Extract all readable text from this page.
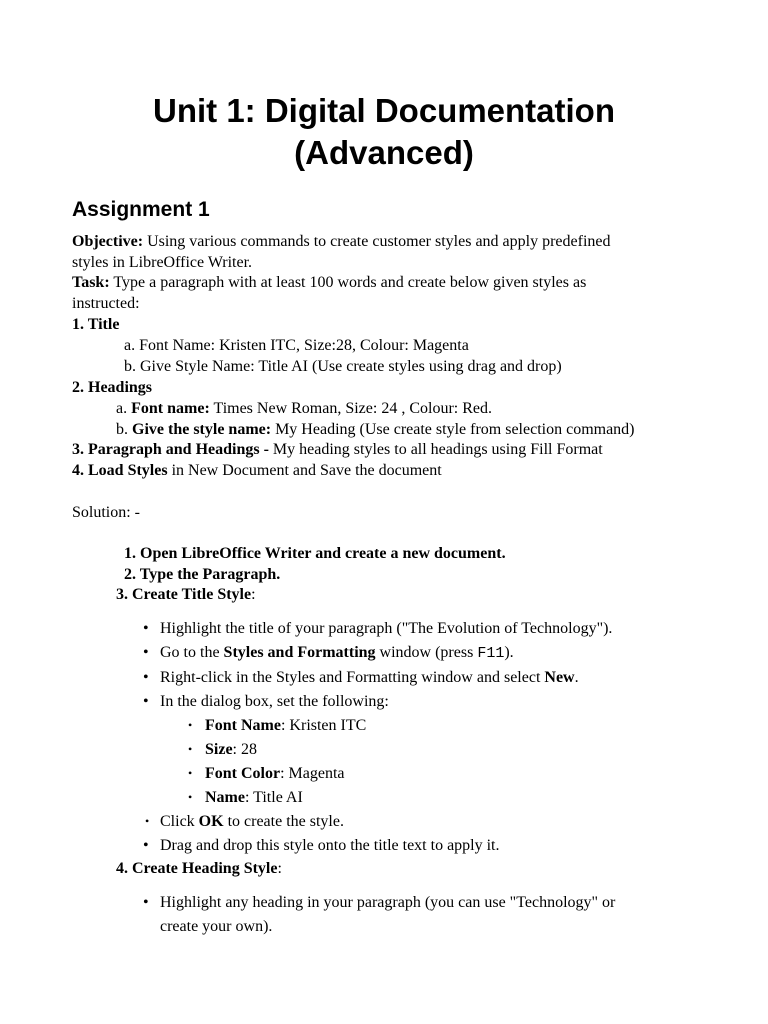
Unit 1: Digital Documentation
(Advanced)
Assignment 1
Objective: Using various commands to create customer styles and apply predefined
styles in LibreOffice Writer.
Task: Type a paragraph with at least 100 words and create below given styles as
instructed:
1. Title
a. Font Name: Kristen ITC, Size:28, Colour: Magenta
b. Give Style Name: Title AI (Use create styles using drag and drop)
2. Headings
a. Font name: Times New Roman, Size: 24 , Colour: Red.
b. Give the style name: My Heading (Use create style from selection command)
3. Paragraph and Headings - My heading styles to all headings using Fill Format
4. Load Styles in New Document and Save the document
Solution: -
1. Open LibreOffice Writer and create a new document.
2. Type the Paragraph.
3. Create Title Style:
• Highlight the title of your paragraph ("The Evolution of Technology").
• Go to the Styles and Formatting window (press F11).
• Right-click in the Styles and Formatting window and select New.
• In the dialog box, set the following:
• Font Name: Kristen ITC
• Size: 28
• Font Color: Magenta
• Name: Title AI
• Click OK to create the style.
• Drag and drop this style onto the title text to apply it.
4. Create Heading Style:
• Highlight any heading in your paragraph (you can use "Technology" or
create your own).
